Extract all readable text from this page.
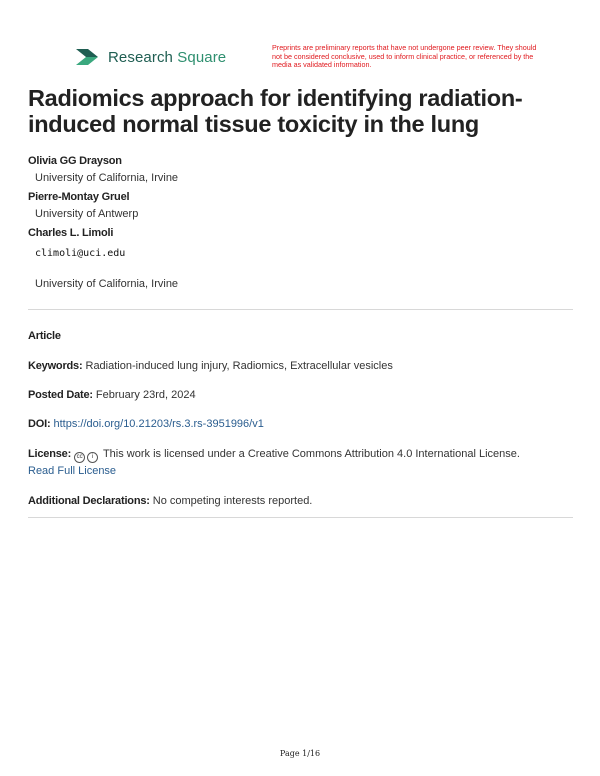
Research Square
Preprints are preliminary reports that have not undergone peer review. They should not be considered conclusive, used to inform clinical practice, or referenced by the media as validated information.
Radiomics approach for identifying radiation-induced normal tissue toxicity in the lung
Olivia GG Drayson
University of California, Irvine
Pierre-Montay Gruel
University of Antwerp
Charles L. Limoli
climoli@uci.edu
University of California, Irvine
Article
Keywords: Radiation-induced lung injury, Radiomics, Extracellular vesicles
Posted Date: February 23rd, 2024
DOI: https://doi.org/10.21203/rs.3.rs-3951996/v1
License: cc i This work is licensed under a Creative Commons Attribution 4.0 International License.
Read Full License
Additional Declarations: No competing interests reported.
Page 1/16
